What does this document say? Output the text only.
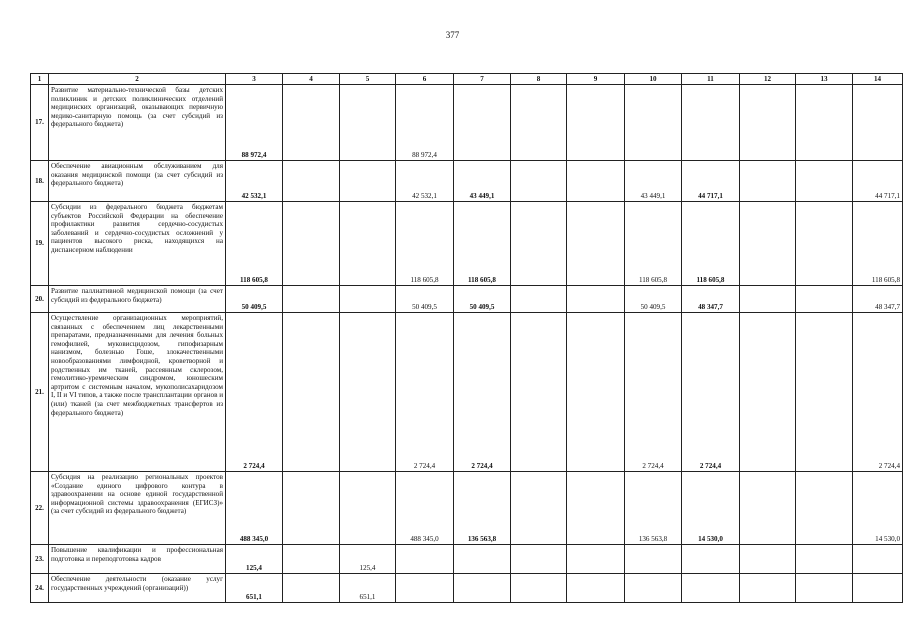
377
1	2	3	4	5	6	7	8	9	10	11	12	13	14
17.	Развитие материально-технической базы детских поликлиник и детских поликлинических отделений медицинских организаций, оказывающих первичную медико-санитарную помощь (за счет субсидий из федерального бюджета)	88 972,4			88 972,4								
18.	Обеспечение авиационным обслуживанием для оказания медицинской помощи (за счет субсидий из федерального бюджета)	42 532,1			42 532,1	43 449,1			43 449,1	44 717,1			44 717,1
19.	Субсидии из федерального бюджета бюджетам субъектов Российской Федерации на обеспечение профилактики развития сердечно-сосудистых заболеваний и сердечно-сосудистых осложнений у пациентов высокого риска, находящихся на диспансерном наблюдении	118 605,8			118 605,8	118 605,8			118 605,8	118 605,8			118 605,8
20.	Развитие паллиативной медицинской помощи (за счет субсидий из федерального бюджета)	50 409,5			50 409,5	50 409,5			50 409,5	48 347,7			48 347,7
21.	Осуществление организационных мероприятий, связанных с обеспечением лиц лекарственными препаратами, предназначенными для лечения больных гемофилией, муковисцидозом, гипофизарным нанизмом, болезнью Гоше, злокачественными новообразованиями лимфоидной, кроветворной и родственных им тканей, рассеянным склерозом, гемолитико-уремическим синдромом, юношеским артритом с системным началом, мукополисахаридозом I, II и VI типов, а также после трансплантации органов и (или) тканей (за счет межбюджетных трансфертов из федерального бюджета)	2 724,4			2 724,4	2 724,4			2 724,4	2 724,4			2 724,4
22.	Субсидия на реализацию региональных проектов «Создание единого цифрового контура в здравоохранении на основе единой государственной информационной системы здравоохранения (ЕГИСЗ)» (за счет субсидий из федерального бюджета)	488 345,0			488 345,0	136 563,8			136 563,8	14 530,0			14 530,0
23.	Повышение квалификации и профессиональная подготовка и переподготовка кадров	125,4		125,4									
24.	Обеспечение деятельности (оказание услуг государственных учреждений (организаций))	651,1		651,1									
